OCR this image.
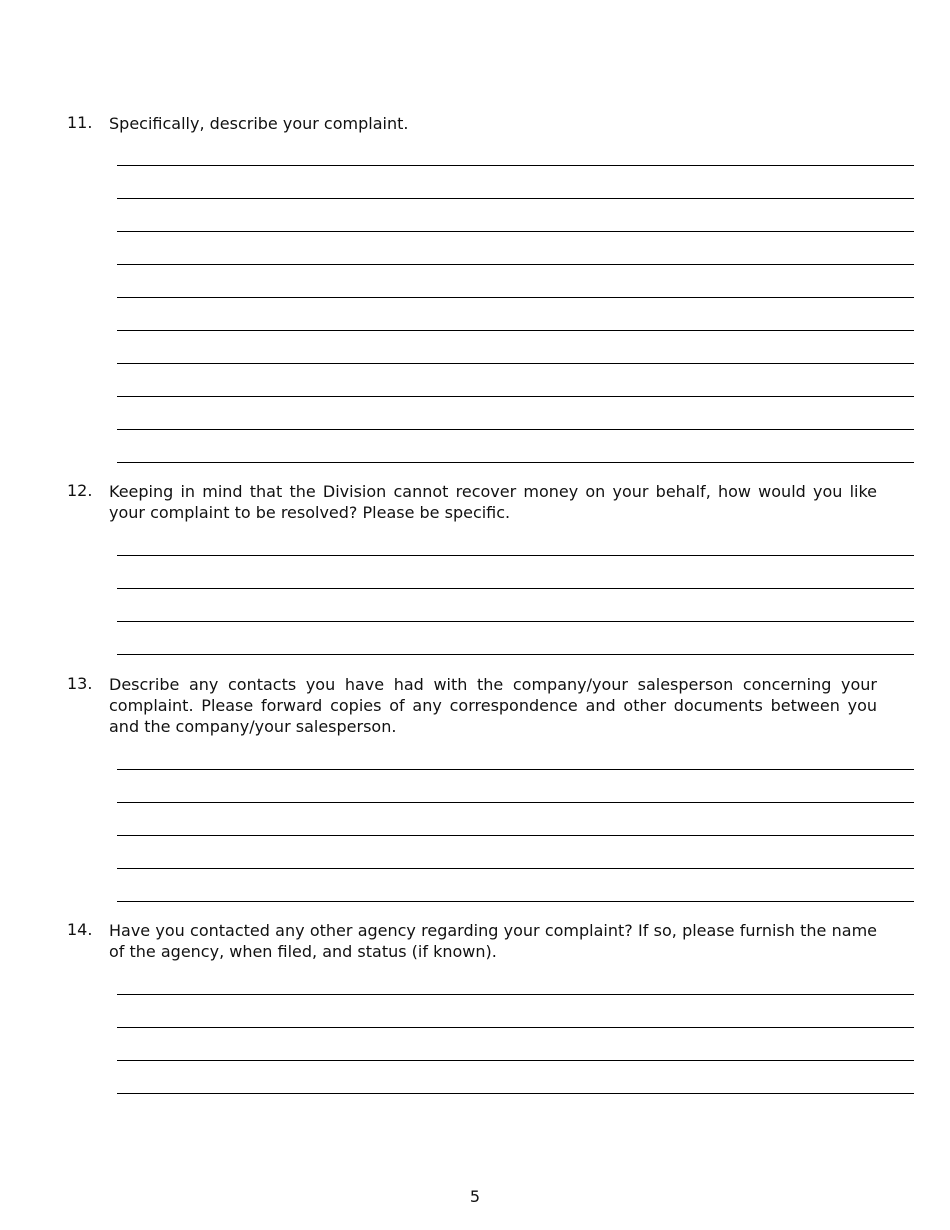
11. Specifically, describe your complaint.
12. Keeping in mind that the Division cannot recover money on your behalf, how would you like your complaint to be resolved? Please be specific.
13. Describe any contacts you have had with the company/your salesperson concerning your complaint. Please forward copies of any correspondence and other documents between you and the company/your salesperson.
14. Have you contacted any other agency regarding your complaint? If so, please furnish the name of the agency, when filed, and status (if known).
5
